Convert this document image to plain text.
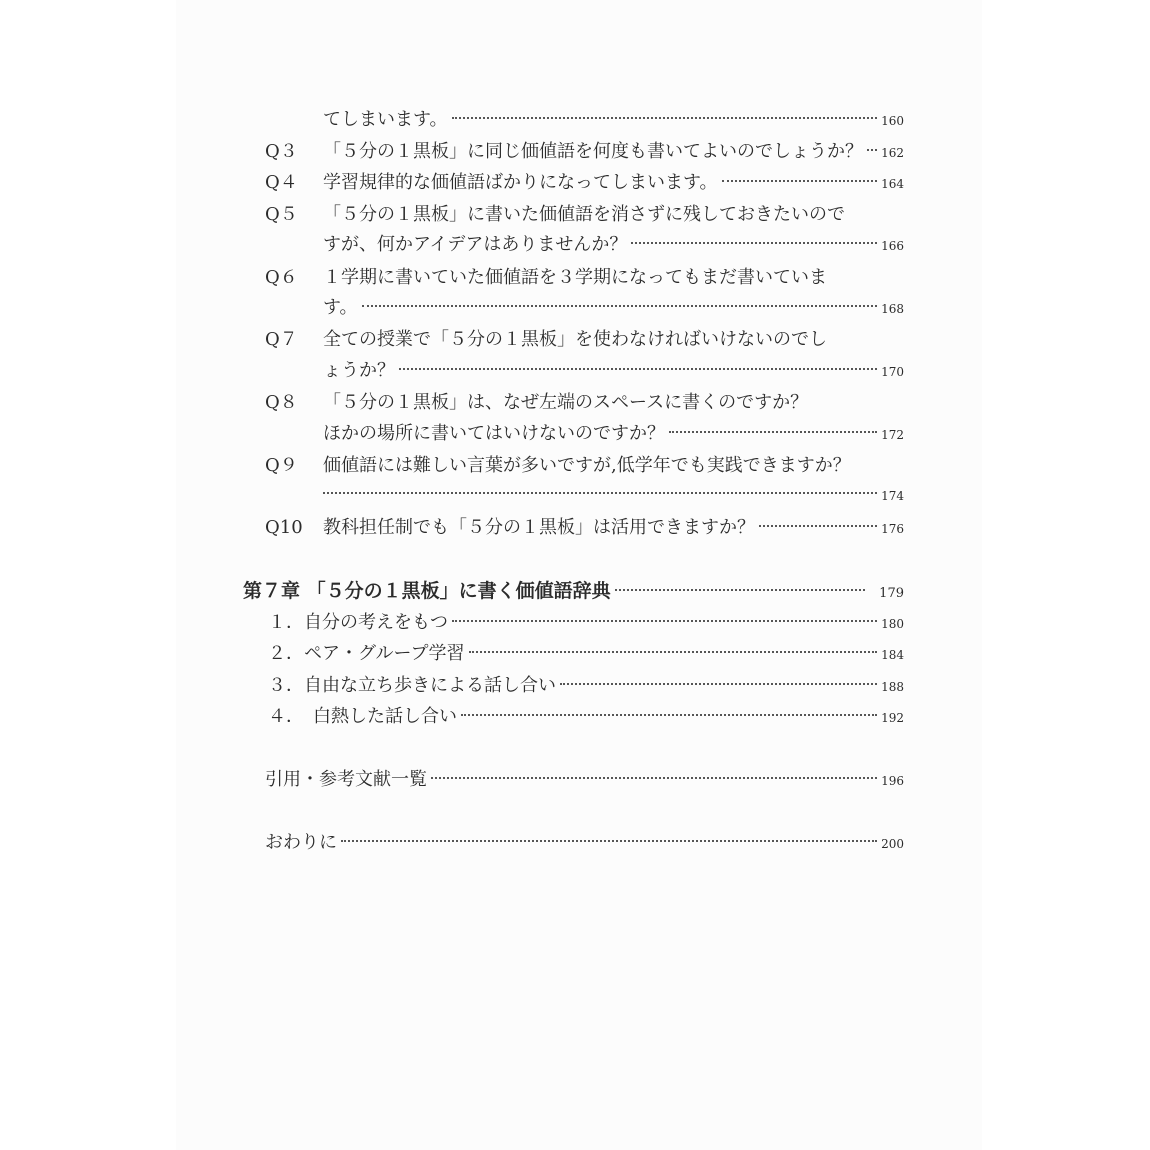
てしまいます。	160
Q３ 「５分の１黒板」に同じ価値語を何度も書いてよいのでしょうか？ 162
Q４ 学習規律的な価値語ばかりになってしまいます。	164
Q５ 「５分の１黒板」に書いた価値語を消さずに残しておきたいので
すが、何かアイデアはありませんか？	166
Q６ １学期に書いていた価値語を３学期になってもまだ書いていま
す。	168
Q７ 全ての授業で「５分の１黒板」を使わなければいけないのでし
ょうか？	170
Q８ 「５分の１黒板」は、なぜ左端のスペースに書くのですか？
ほかの場所に書いてはいけないのですか？	172
Q９ 価値語には難しい言葉が多いですが,低学年でも実践できますか？
174
Q10 教科担任制でも「５分の１黒板」は活用できますか？	176
第７章 「５分の１黒板」に書く価値語辞典	179
１．自分の考えをもつ	180
２．ペア・グループ学習	184
３．自由な立ち歩きによる話し合い	188
４．　白熱した話し合い	192
引用・参考文献一覧	196
おわりに	200
